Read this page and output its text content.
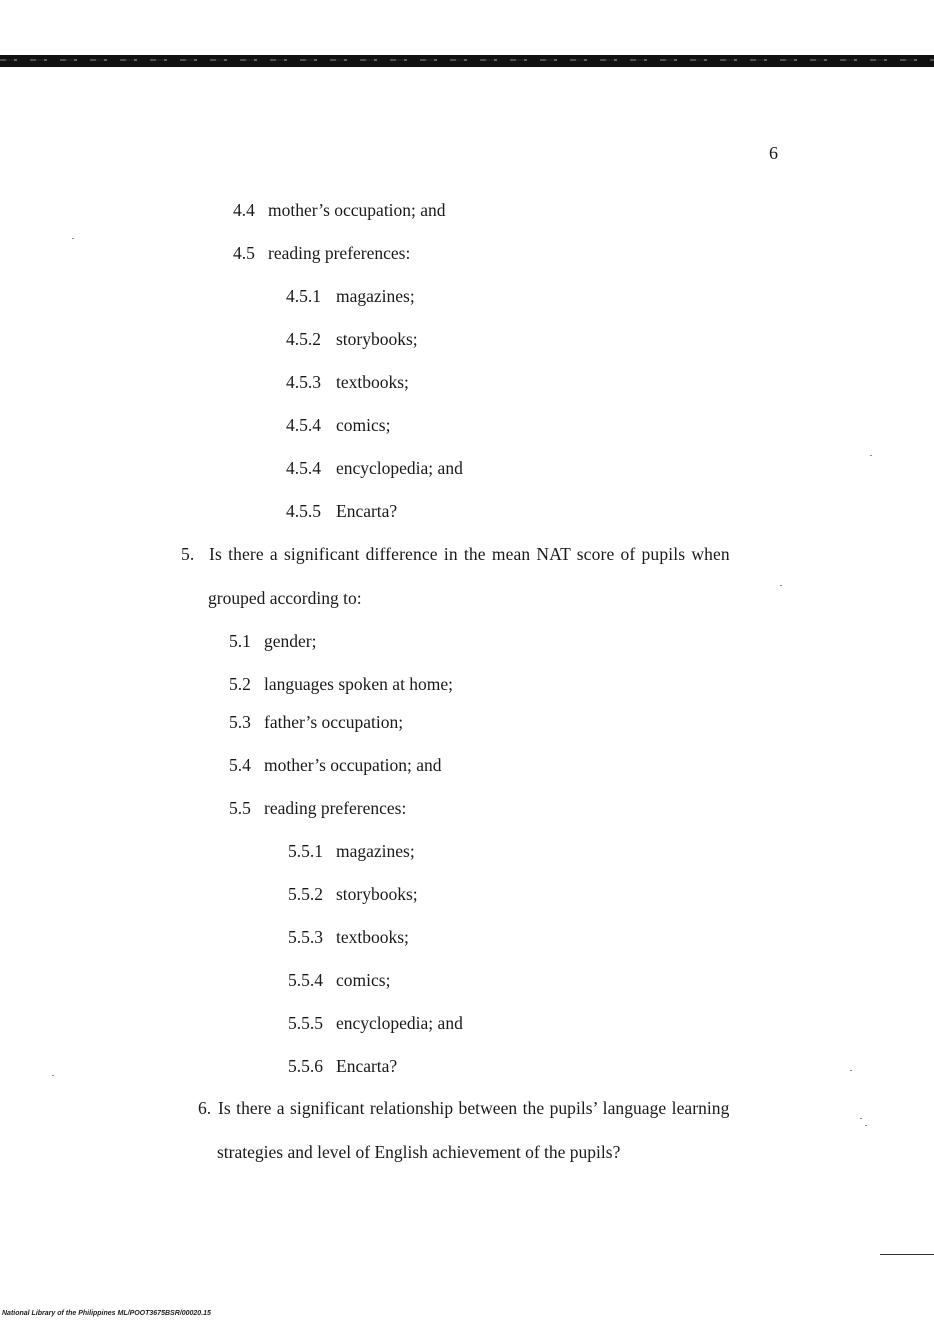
6
4.4 mother’s occupation; and
4.5 reading preferences:
4.5.1 magazines;
4.5.2 storybooks;
4.5.3 textbooks;
4.5.4 comics;
4.5.4 encyclopedia; and
4.5.5 Encarta?
5. Is there a significant difference in the mean NAT score of pupils when
grouped according to:
5.1 gender;
5.2 languages spoken at home;
5.3 father’s occupation;
5.4 mother’s occupation; and
5.5 reading preferences:
5.5.1 magazines;
5.5.2 storybooks;
5.5.3 textbooks;
5.5.4 comics;
5.5.5 encyclopedia; and
5.5.6 Encarta?
6. Is there a significant relationship between the pupils’ language learning
strategies and level of English achievement of the pupils?
National Library of the Philippines ML/POOT3675BSR/00020.15
